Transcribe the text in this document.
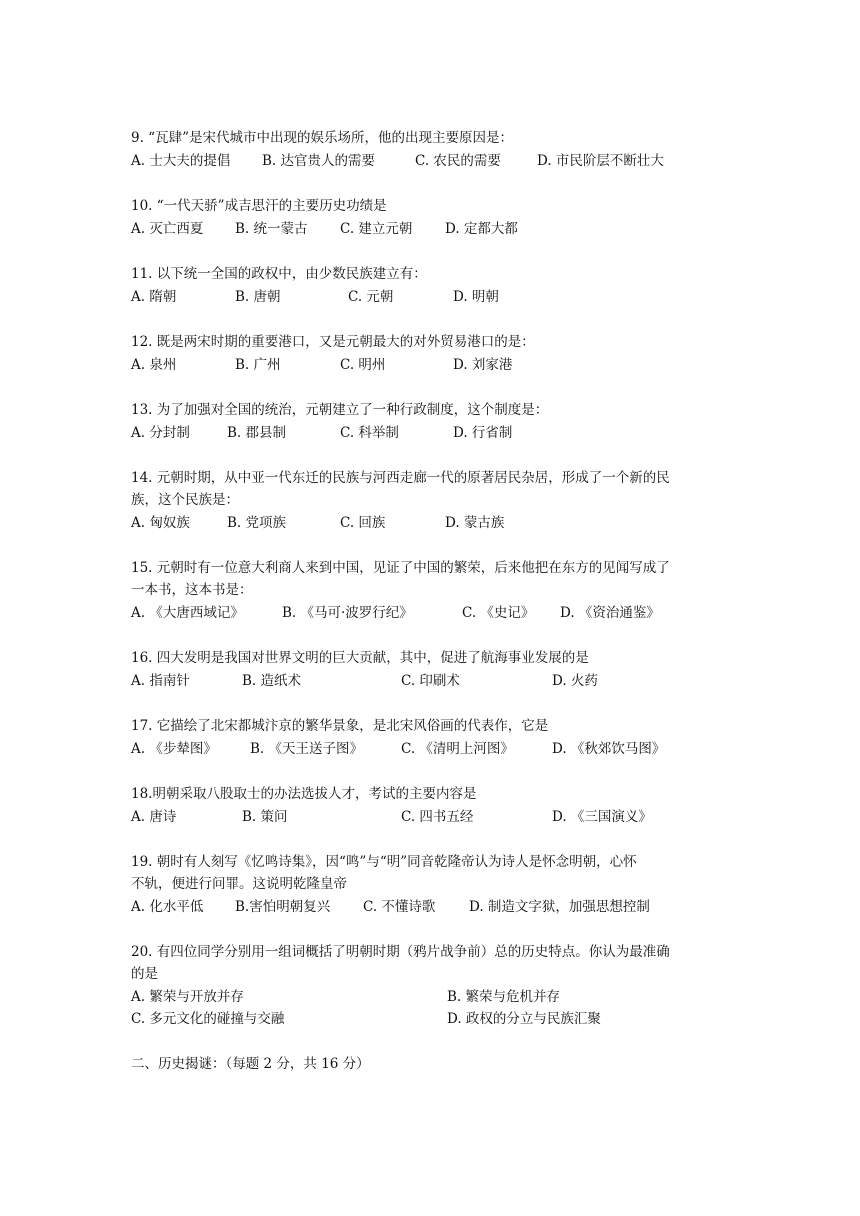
9. “瓦肆”是宋代城市中出现的娱乐场所，他的出现主要原因是：
A. 士大夫的提倡 B. 达官贵人的需要	C. 农民的需要	D. 市民阶层不断壮大
10. “一代天骄”成吉思汗的主要历史功绩是
A. 灭亡西夏 B. 统一蒙古 C. 建立元朝 D. 定都大都
11. 以下统一全国的政权中，由少数民族建立有：
A. 隋朝	B. 唐朝	C. 元朝	D. 明朝
12. 既是两宋时期的重要港口，又是元朝最大的对外贸易港口的是：
A. 泉州	B. 广州	C. 明州	D. 刘家港
13. 为了加强对全国的统治，元朝建立了一种行政制度，这个制度是：
A. 分封制	B. 郡县制	C. 科举制	D. 行省制
14. 元朝时期，从中亚一代东迁的民族与河西走廊一代的原著居民杂居，形成了一个新的民
族，这个民族是：
A. 匈奴族	B. 党项族	C. 回族	D. 蒙古族
15. 元朝时有一位意大利商人来到中国，见证了中国的繁荣，后来他把在东方的见闻写成了
一本书，这本书是：
A. 《大唐西域记》	B. 《马可·波罗行纪》	C. 《史记》 D. 《资治通鉴》
16. 四大发明是我国对世界文明的巨大贡献，其中，促进了航海事业发展的是
A. 指南针	B. 造纸术	C. 印刷术	D. 火药
17. 它描绘了北宋都城汴京的繁华景象，是北宋风俗画的代表作，它是
A. 《步辇图》 B. 《天王送子图》	C. 《清明上河图》	D. 《秋郊饮马图》
18.明朝采取八股取士的办法选拔人才，考试的主要内容是
A. 唐诗	B. 策问	C. 四书五经	D. 《三国演义》
19. 朝时有人刻写《忆鸣诗集》，因“鸣”与“明”同音乾隆帝认为诗人是怀念明朝，心怀
不轨，便进行问罪。这说明乾隆皇帝
A. 化水平低 B.害怕明朝复兴 C. 不懂诗歌 D. 制造文字狱，加强思想控制
20. 有四位同学分别用一组词概括了明朝时期（鸦片战争前）总的历史特点。你认为最准确
的是
A. 繁荣与开放并存	B. 繁荣与危机并存
C. 多元文化的碰撞与交融	D. 政权的分立与民族汇聚
二、历史揭谜：（每题 2 分，共 16 分）
